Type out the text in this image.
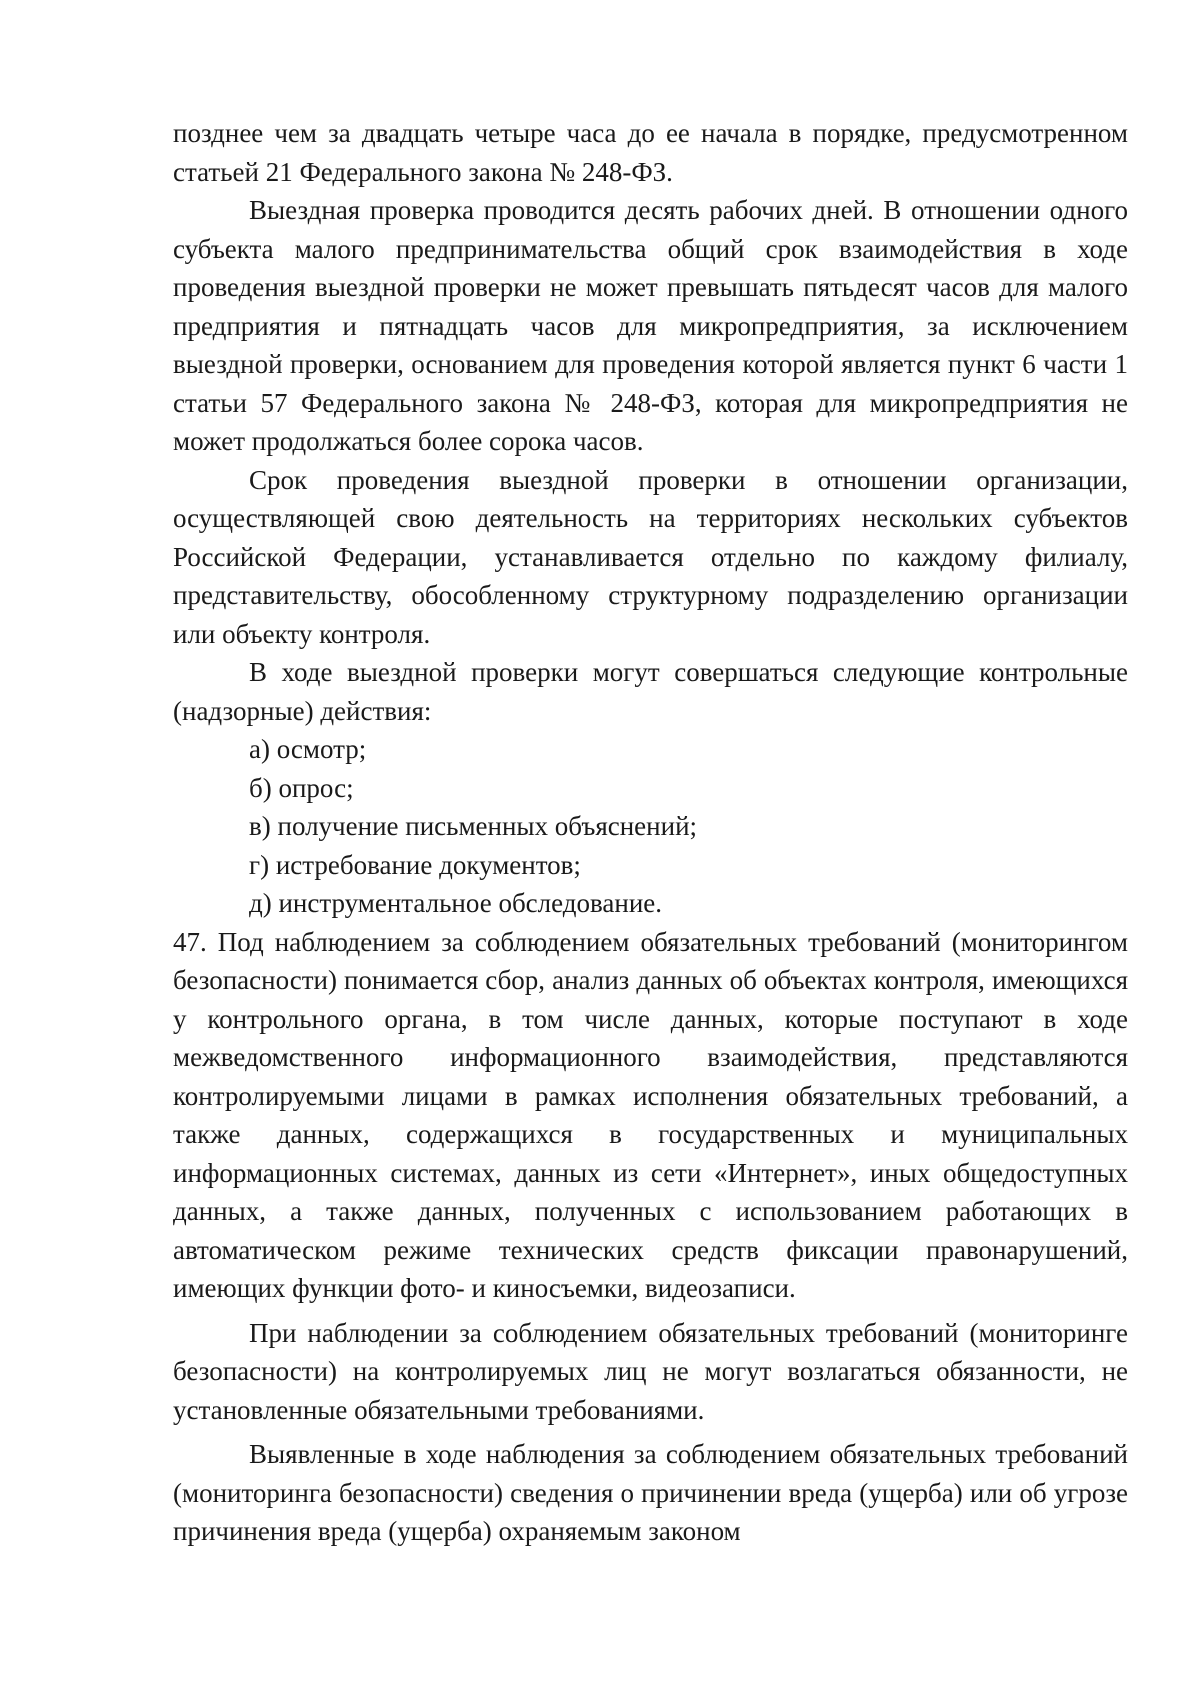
позднее чем за двадцать четыре часа до ее начала в порядке, предусмотренном статьей 21 Федерального закона № 248-ФЗ.

Выездная проверка проводится десять рабочих дней. В отношении одного субъекта малого предпринимательства общий срок взаимодействия в ходе проведения выездной проверки не может превышать пятьдесят часов для малого предприятия и пятнадцать часов для микропредприятия, за исключением выездной проверки, основанием для проведения которой является пункт 6 части 1 статьи 57 Федерального закона № 248-ФЗ, которая для микропредприятия не может продолжаться более сорока часов.

Срок проведения выездной проверки в отношении организации, осуществляющей свою деятельность на территориях нескольких субъектов Российской Федерации, устанавливается отдельно по каждому филиалу, представительству, обособленному структурному подразделению организации или объекту контроля.

В ходе выездной проверки могут совершаться следующие контрольные (надзорные) действия:

а) осмотр;

б) опрос;

в) получение письменных объяснений;

г) истребование документов;

д) инструментальное обследование.

47. Под наблюдением за соблюдением обязательных требований (мониторингом безопасности) понимается сбор, анализ данных об объектах контроля, имеющихся у контрольного органа, в том числе данных, которые поступают в ходе межведомственного информационного взаимодействия, представляются контролируемыми лицами в рамках исполнения обязательных требований, а также данных, содержащихся в государственных и муниципальных информационных системах, данных из сети «Интернет», иных общедоступных данных, а также данных, полученных с использованием работающих в автоматическом режиме технических средств фиксации правонарушений, имеющих функции фото- и киносъемки, видеозаписи.

При наблюдении за соблюдением обязательных требований (мониторинге безопасности) на контролируемых лиц не могут возлагаться обязанности, не установленные обязательными требованиями.

Выявленные в ходе наблюдения за соблюдением обязательных требований (мониторинга безопасности) сведения о причинении вреда (ущерба) или об угрозе причинения вреда (ущерба) охраняемым законом
